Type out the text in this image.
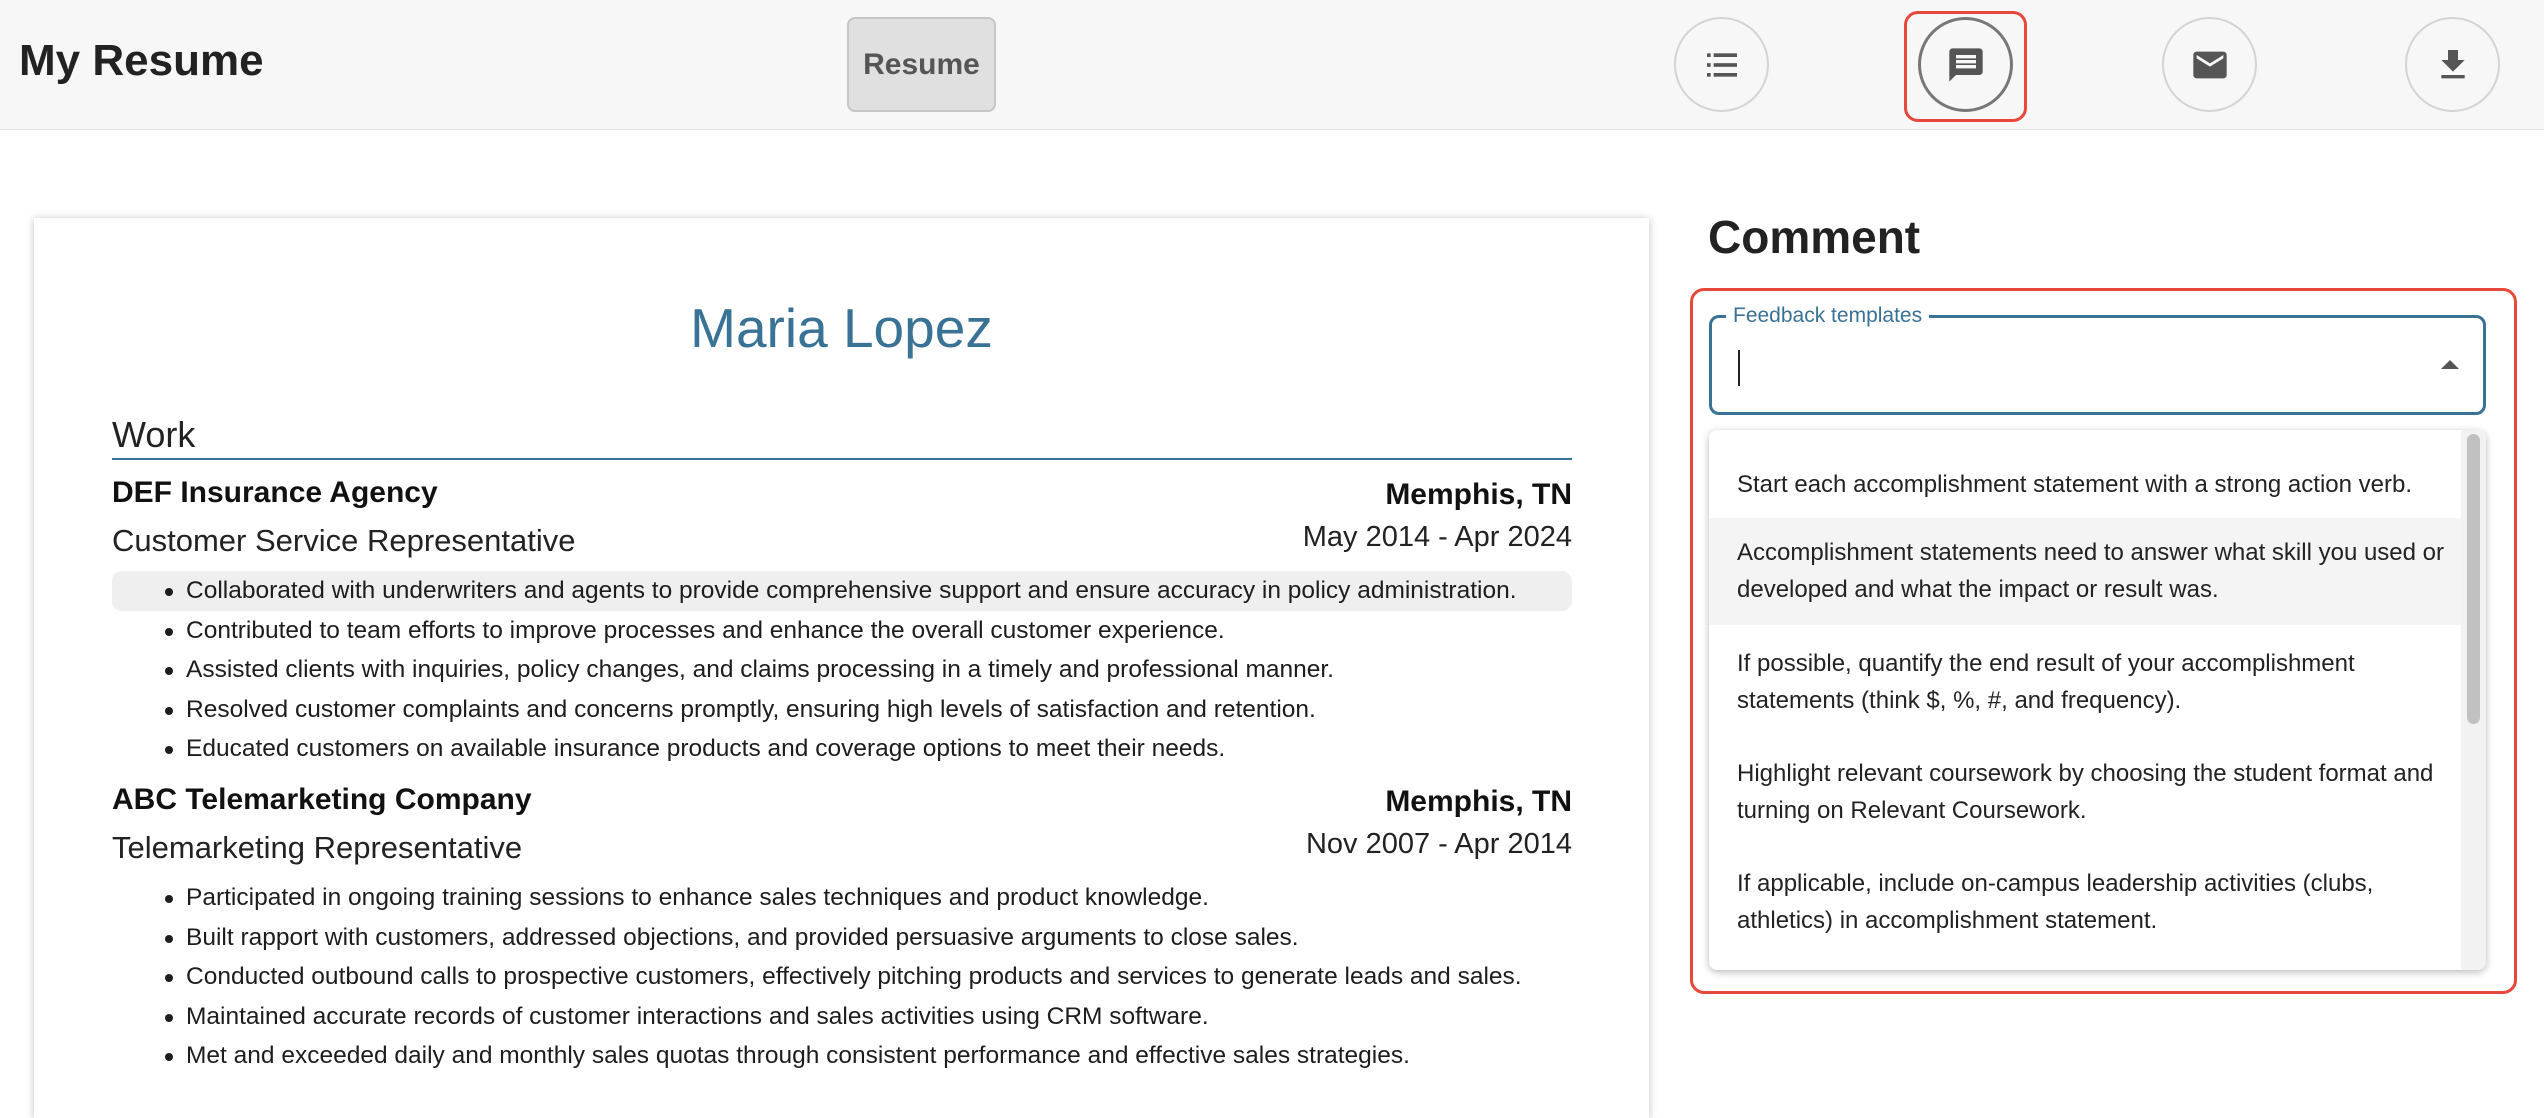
My Resume	Resume
Maria Lopez
Work
DEF Insurance Agency	Memphis, TN
Customer Service Representative	May 2014 - Apr 2024
Collaborated with underwriters and agents to provide comprehensive support and ensure accuracy in policy administration.
Contributed to team efforts to improve processes and enhance the overall customer experience.
Assisted clients with inquiries, policy changes, and claims processing in a timely and professional manner.
Resolved customer complaints and concerns promptly, ensuring high levels of satisfaction and retention.
Educated customers on available insurance products and coverage options to meet their needs.
ABC Telemarketing Company	Memphis, TN
Telemarketing Representative	Nov 2007 - Apr 2014
Participated in ongoing training sessions to enhance sales techniques and product knowledge.
Built rapport with customers, addressed objections, and provided persuasive arguments to close sales.
Conducted outbound calls to prospective customers, effectively pitching products and services to generate leads and sales.
Maintained accurate records of customer interactions and sales activities using CRM software.
Met and exceeded daily and monthly sales quotas through consistent performance and effective sales strategies.
Comment
Feedback templates
Start each accomplishment statement with a strong action verb.
Accomplishment statements need to answer what skill you used or developed and what the impact or result was.
If possible, quantify the end result of your accomplishment statements (think $, %, #, and frequency).
Highlight relevant coursework by choosing the student format and turning on Relevant Coursework.
If applicable, include on-campus leadership activities (clubs, athletics) in accomplishment statement.
